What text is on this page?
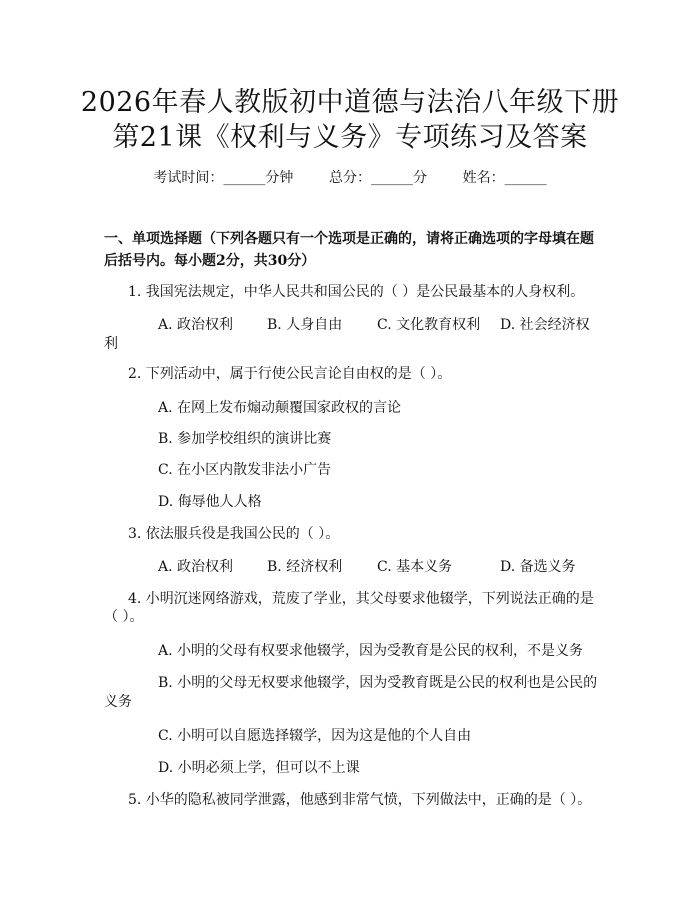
2026年春人教版初中道德与法治八年级下册
第21课《权利与义务》专项练习及答案
考试时间：______分钟	总分：______分	姓名：______
一、单项选择题（下列各题只有一个选项是正确的，请将正确选项的字母填在题后括号内。每小题2分，共30分）
1. 我国宪法规定，中华人民共和国公民的（ ）是公民最基本的人身权利。
A. 政治权利 B. 人身自由 C. 文化教育权利 D. 社会经济权
利
2. 下列活动中，属于行使公民言论自由权的是（ ）。
A. 在网上发布煽动颠覆国家政权的言论
B. 参加学校组织的演讲比赛
C. 在小区内散发非法小广告
D. 侮辱他人人格
3. 依法服兵役是我国公民的（ ）。
A. 政治权利 B. 经济权利 C. 基本义务	D. 备选义务
4. 小明沉迷网络游戏，荒废了学业，其父母要求他辍学，下列说法正确的是
（ ）。
A. 小明的父母有权要求他辍学，因为受教育是公民的权利，不是义务
B. 小明的父母无权要求他辍学，因为受教育既是公民的权利也是公民的
义务
C. 小明可以自愿选择辍学，因为这是他的个人自由
D. 小明必须上学，但可以不上课
5. 小华的隐私被同学泄露，他感到非常气愤，下列做法中，正确的是（ ）。
